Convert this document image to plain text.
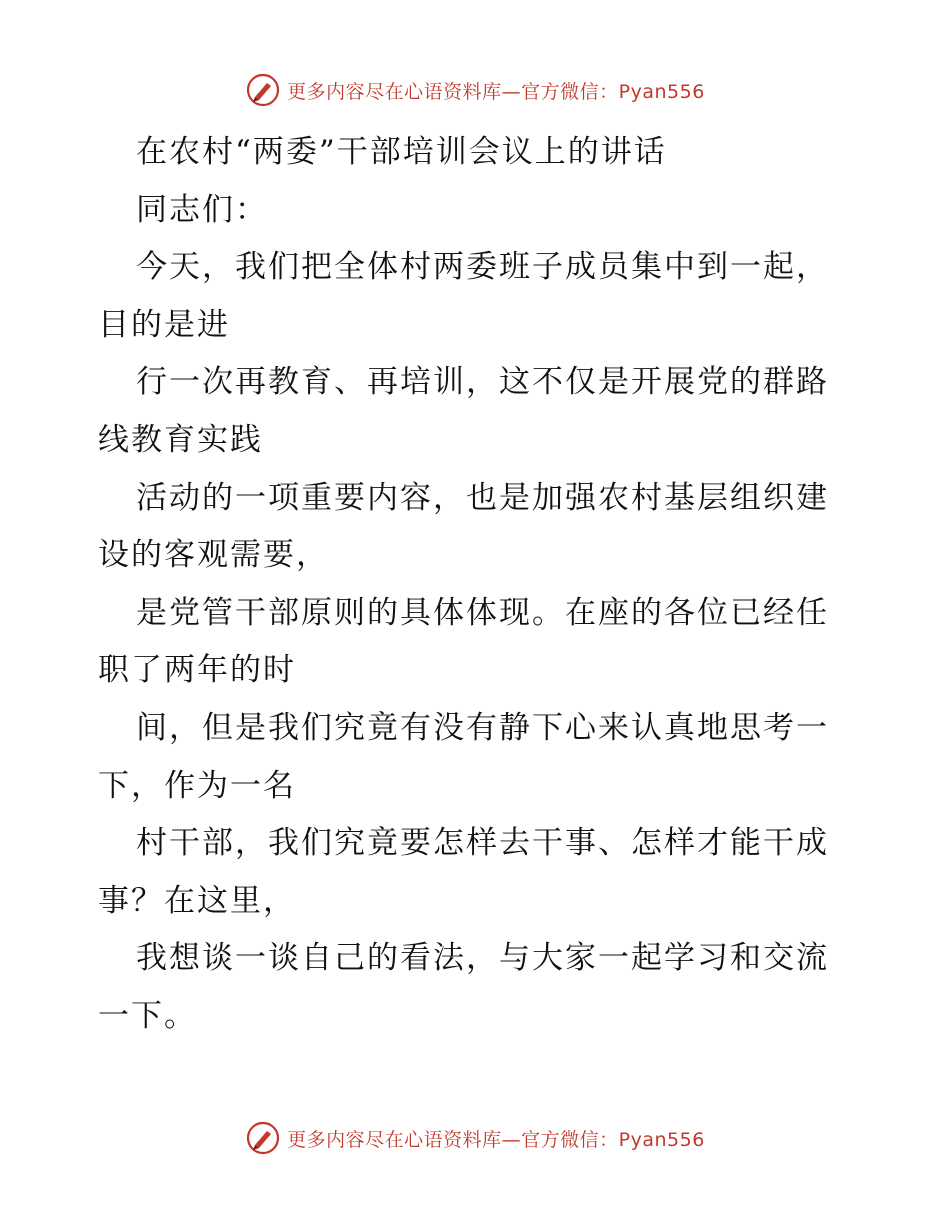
更多内容尽在心语资料库—官方微信：Pyan556

在农村“两委”干部培训会议上的讲话

同志们：

今天，我们把全体村两委班子成员集中到一起，

目的是进

行一次再教育、再培训，这不仅是开展党的群路

线教育实践

活动的一项重要内容，也是加强农村基层组织建

设的客观需要，

是党管干部原则的具体体现。在座的各位已经任

职了两年的时

间，但是我们究竟有没有静下心来认真地思考一

下，作为一名

村干部，我们究竟要怎样去干事、怎样才能干成

事？在这里，

我想谈一谈自己的看法，与大家一起学习和交流

一下。

更多内容尽在心语资料库—官方微信：Pyan556
